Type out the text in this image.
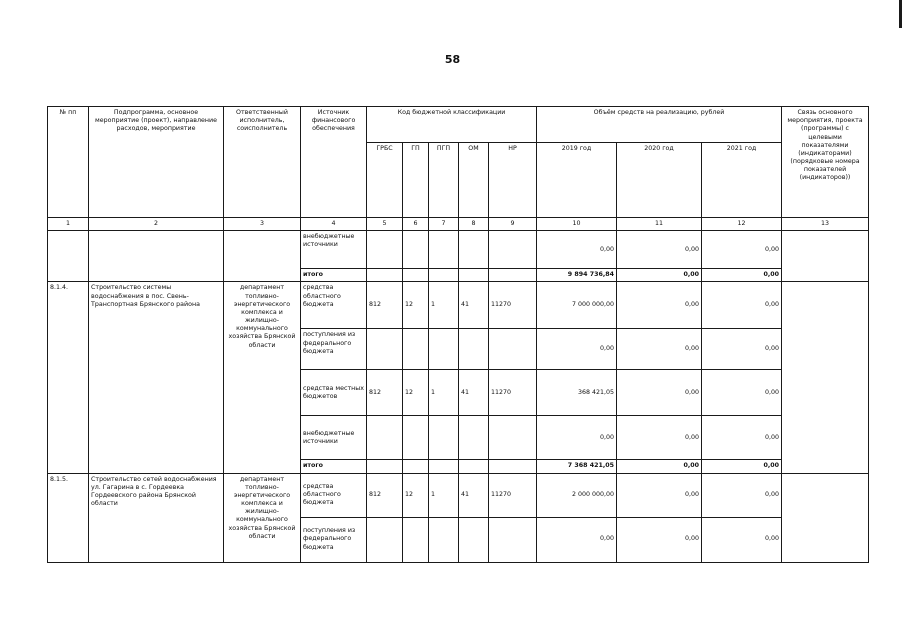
58
№ пп	Подпрограмма, основное мероприятие (проект), направление расходов, мероприятие	Ответственный исполнитель, соисполнитель	Источник финансового обеспечения	Код бюджетной классификации					Объём средств на реализацию, рублей			Связь основного мероприятия, проекта (программы) с целевыми показателями (индикаторами) (порядковые номера показателей (индикаторов))
				ГРБС	ГП	ПГП	ОМ	НР	2019 год	2020 год	2021 год	
1	2	3	4	5	6	7	8	9	10	11	12	13
			внебюджетные источники						0,00	0,00	0,00	
			итого						9 894 736,84	0,00	0,00	
8.1.4.	Строительство системы водоснабжения в пос. Свень-Транспортная Брянского района	департамент топливно-энергетического комплекса и жилищно-коммунального хозяйства Брянской области	средства областного бюджета	812	12	1	41	11270	7 000 000,00	0,00	0,00	
			поступления из федерального бюджета						0,00	0,00	0,00	
			средства местных бюджетов	812	12	1	41	11270	368 421,05	0,00	0,00	
			внебюджетные источники						0,00	0,00	0,00	
			итого						7 368 421,05	0,00	0,00	
8.1.5.	Строительство сетей водоснабжения ул. Гагарина в с. Гордеевка Гордеевского района Брянской области	департамент топливно-энергетического комплекса и жилищно-коммунального хозяйства Брянской области	средства областного бюджета	812	12	1	41	11270	2 000 000,00	0,00	0,00	
			поступления из федерального бюджета						0,00	0,00	0,00	
